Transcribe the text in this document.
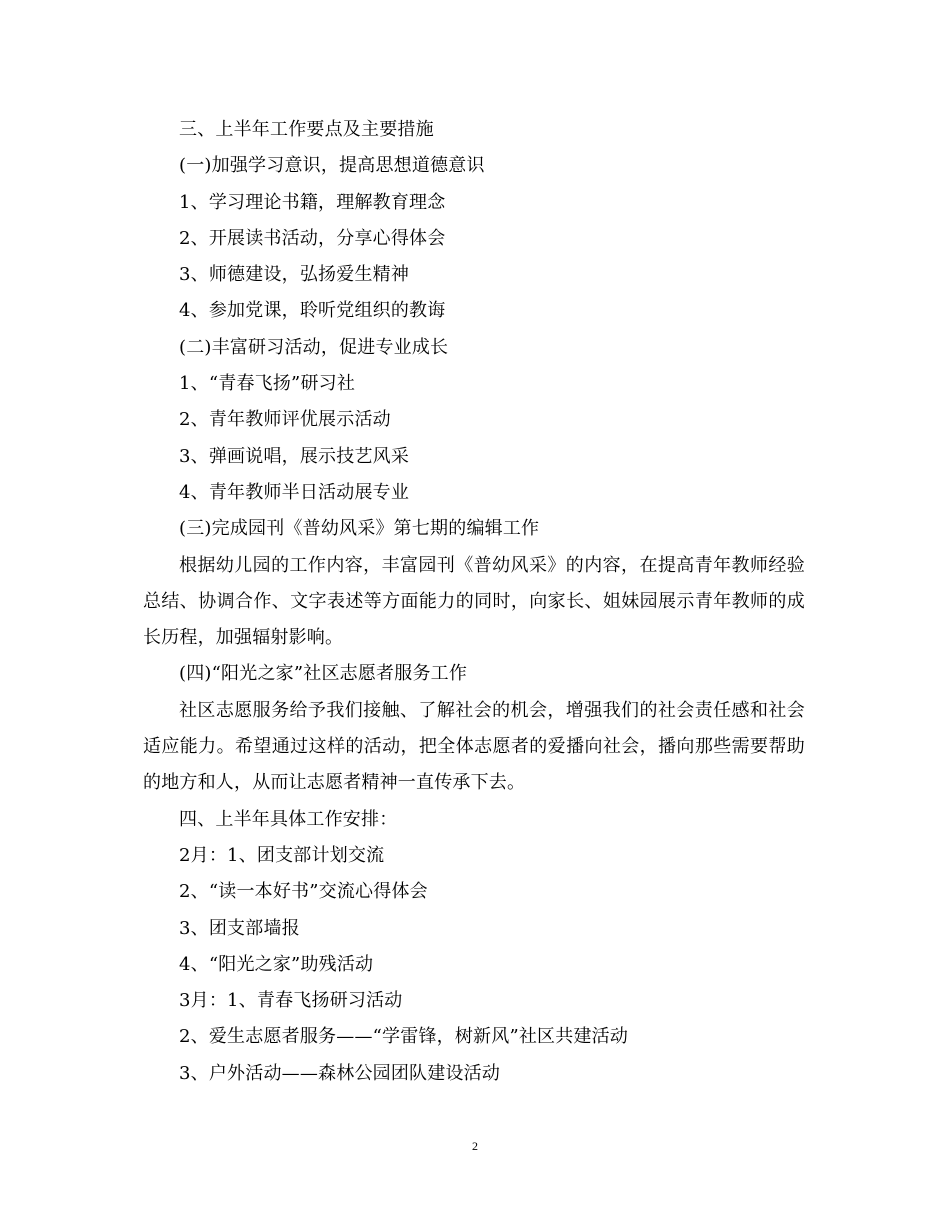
三、上半年工作要点及主要措施
(一)加强学习意识，提高思想道德意识
1、学习理论书籍，理解教育理念
2、开展读书活动，分享心得体会
3、师德建设，弘扬爱生精神
4、参加党课，聆听党组织的教诲
(二)丰富研习活动，促进专业成长
1、“青春飞扬”研习社
2、青年教师评优展示活动
3、弹画说唱，展示技艺风采
4、青年教师半日活动展专业
(三)完成园刊《普幼风采》第七期的编辑工作
根据幼儿园的工作内容，丰富园刊《普幼风采》的内容，在提高青年教师经验总结、协调合作、文字表述等方面能力的同时，向家长、姐妹园展示青年教师的成长历程，加强辐射影响。
(四)“阳光之家”社区志愿者服务工作
社区志愿服务给予我们接触、了解社会的机会，增强我们的社会责任感和社会适应能力。希望通过这样的活动，把全体志愿者的爱播向社会，播向那些需要帮助的地方和人，从而让志愿者精神一直传承下去。
四、上半年具体工作安排：
2月：1、团支部计划交流
2、“读一本好书”交流心得体会
3、团支部墙报
4、“阳光之家”助残活动
3月：1、青春飞扬研习活动
2、爱生志愿者服务——“学雷锋，树新风”社区共建活动
3、户外活动——森林公园团队建设活动
2
